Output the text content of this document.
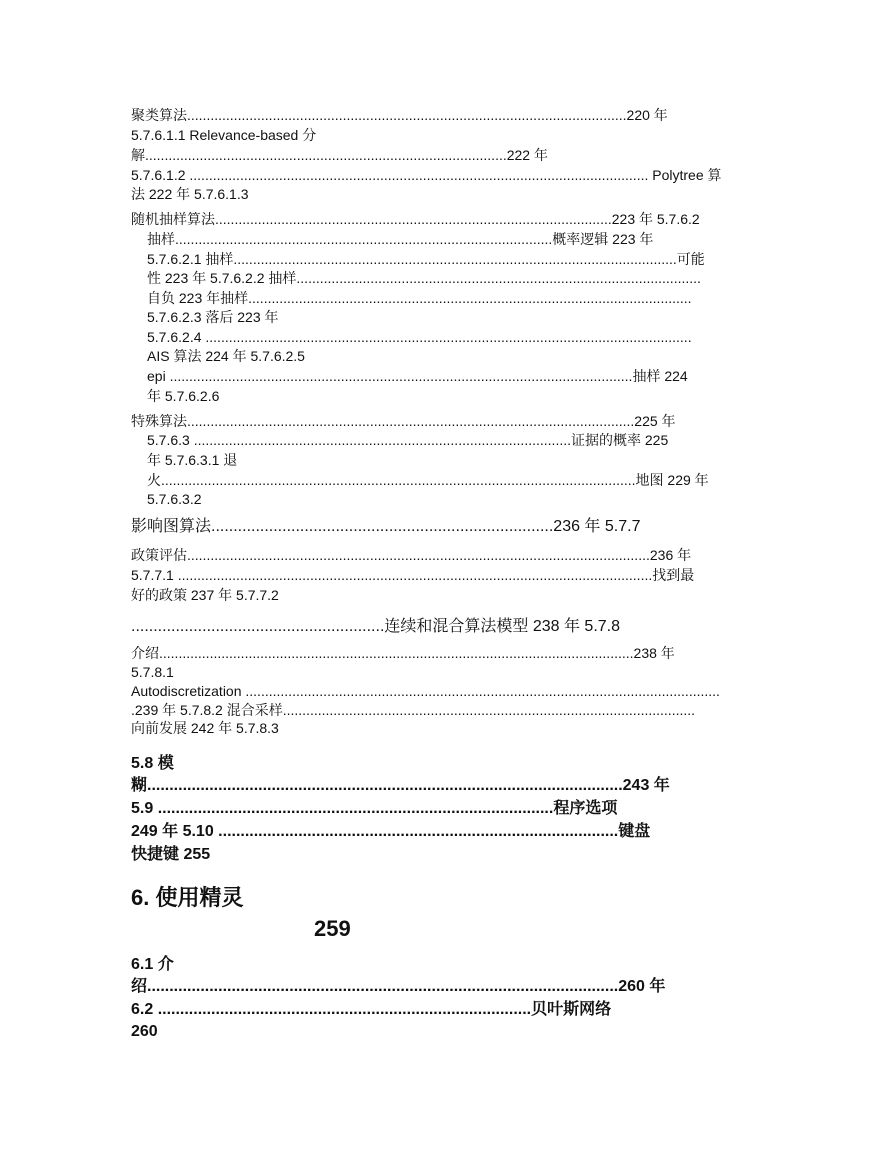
聚类算法.................................................................................................................220 年
5.7.6.1.1 Relevance-based 分
解.............................................................................................222 年
5.7.6.1.2 ...................................................................................................................... Polytree 算
法 222 年 5.7.6.1.3
随机抽样算法......................................................................................................223 年 5.7.6.2
抽样.................................................................................................概率逻辑 223 年
5.7.6.2.1 抽样..................................................................................................................可能
性 223 年 5.7.6.2.2 抽样........................................................................................................
自负 223 年抽样..................................................................................................................
5.7.6.2.3 落后 223 年
5.7.6.2.4 .............................................................................................................................
AIS 算法 224 年 5.7.6.2.5
epi .......................................................................................................................抽样 224
年 5.7.6.2.6
特殊算法...................................................................................................................225 年
5.7.6.3 .................................................................................................证据的概率 225
年 5.7.6.3.1 退
火..........................................................................................................................地图 229 年
5.7.6.3.2
影响图算法.............................................................................236 年 5.7.7
政策评估.......................................................................................................................236 年
5.7.7.1 ..........................................................................................................................找到最
好的政策 237 年 5.7.7.2
.........................................................连续和混合算法模型 238 年 5.7.8
介绍..........................................................................................................................238 年
5.7.8.1
Autodiscretization ..........................................................................................................................
.239 年 5.7.8.2 混合采样..........................................................................................................
向前发展 242 年 5.7.8.3
5.8 模
糊...........................................................................................................243 年
5.9 .........................................................................................程序选项
249 年 5.10 ..........................................................................................键盘
快捷键 255
6. 使用精灵
259
6.1 介
绍..........................................................................................................260 年
6.2 ....................................................................................贝叶斯网络
260
